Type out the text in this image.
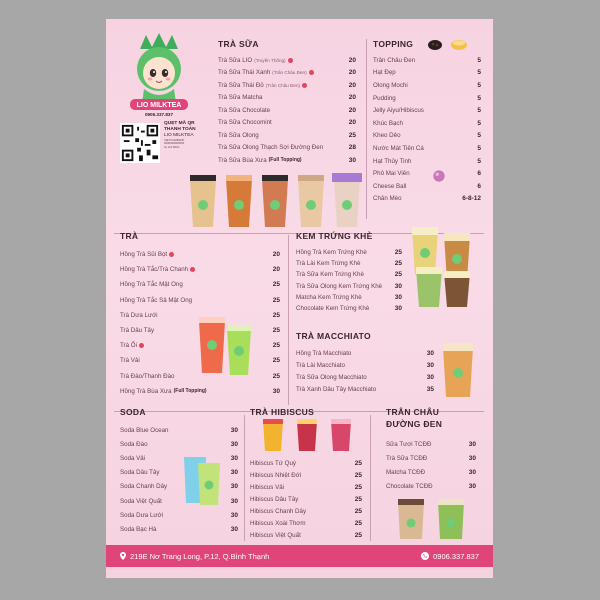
LIO MILKTEA
0906.337.837
QUẸT MÃ QR
THANH TOÁN
LIO MILKTEA
VIETCOMBANK
0000000000000
by LIO MILK
TRÀ SỮA
Trà Sữa LIO (Truyền Thống)	20
Trà Sữa Thái Xanh (Trân Châu Đen)	20
Trà Sữa Thái Đỏ (Trân Châu Đen)	20
Trà Sữa Matcha	20
Trà Sữa Chocolate	20
Trà Sữa Chocomint	20
Trà Sữa Olong	25
Trà Sữa Olong Thạch Sợi Đường Đen	28
Trà Sữa Bùa Xưa (Full Topping)	30
TOPPING
Trân Châu Đen	5
Hạt Đẹp	5
Olong Mochi	5
Pudding	5
Jelly Aiyu/Hibiscus	5
Khúc Bạch	5
Kheo Dẻo	5
Nước Mát Tiên Cá	5
Hạt Thủy Tinh	5
Phô Mai Viên	6
Cheese Ball	6
Chân Mèo	6-8-12
TRÀ
Hồng Trà Sủi Bọt	20
Hồng Trà Tắc/Trà Chanh	20
Hồng Trà Tắc Mật Ong	25
Hồng Trà Tắc Sả Mật Ong	25
Trà Dưa Lưới	25
Trà Dâu Tây	25
Trà Ổi	25
Trà Vải	25
Trà Đào/Thanh Đào	25
Hồng Trà Bùa Xưa (Full Topping)	30
KEM TRỨNG KHÈ
Hồng Trà Kem Trứng Khè	25
Trà Lài Kem Trứng Khè	25
Trà Sữa Kem Trứng Khè	25
Trà Sữa Olong Kem Trứng Khè 30
Matcha Kem Trứng Khè	30
Chocolate Kem Trứng Khè	30
TRÀ MACCHIATO
Hồng Trà Macchiato	30
Trà Lài Macchiato	30
Trà Sữa Olong Macchiato	30
Trà Xanh Dâu Tây Macchiato	35
SODA
Soda Blue Ocean	30
Soda Đào	30
Soda Vải	30
Soda Dâu Tây	30
Soda Chanh Dây	30
Soda Việt Quất	30
Soda Dưa Lưới	30
Soda Bạc Hà	30
TRÀ HIBISCUS
Hibiscus Tứ Quý	25
Hibiscus Nhiệt Đới	25
Hibiscus Vải	25
Hibiscus Dâu Tây	25
Hibiscus Chanh Dây	25
Hibiscus Xoài Thơm	25
Hibiscus Việt Quất	25
TRÂN CHÂU
ĐƯỜNG ĐEN
Sữa Tươi TCĐĐ	30
Trà Sữa TCĐĐ	30
Matcha TCĐĐ	30
Chocolate TCĐĐ	30
219E Nơ Trang Long, P.12, Q.Bình Thạnh	0906.337.837
